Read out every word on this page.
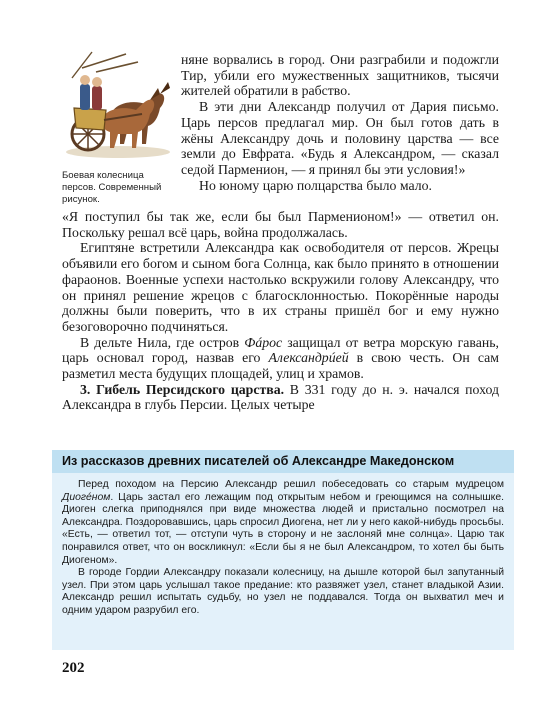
Боевая колесница персов. Современный рисунок.

няне ворвались в город. Они разграбили и подожгли Тир, убили его мужественных защитников, тысячи жителей обратили в рабство.

В эти дни Александр получил от Дария письмо. Царь персов предлагал мир. Он был готов дать в жёны Александру дочь и половину царства — все земли до Евфрата. «Будь я Александром, — сказал седой Парменион, — я принял бы эти условия!»

Но юному царю полцарства было мало.

«Я поступил бы так же, если бы был Парменионом!» — ответил он. Поскольку решал всё царь, война продолжалась.

Египтяне встретили Александра как освободителя от персов. Жрецы объявили его богом и сыном бога Солнца, как было принято в отношении фараонов. Военные успехи настолько вскружили голову Александру, что он принял решение жрецов с благосклонностью. Покорённые народы должны были поверить, что в их страны пришёл бог и ему нужно безоговорочно подчиняться.

В дельте Нила, где остров Фáрос защищал от ветра морскую гавань, царь основал город, назвав его Александрúей в свою честь. Он сам разметил места будущих площадей, улиц и храмов.

3. Гибель Персидского царства. В 331 году до н. э. начался поход Александра в глубь Персии. Целых четыре

Из рассказов древних писателей об Александре Македонском

Перед походом на Персию Александр решил побеседовать со старым мудрецом Диогéном. Царь застал его лежащим под открытым небом и греющимся на солнышке. Диоген слегка приподнялся при виде множества людей и пристально посмотрел на Александра. Поздоровавшись, царь спросил Диогена, нет ли у него какой-нибудь просьбы. «Есть, — ответил тот, — отступи чуть в сторону и не заслоняй мне солнца». Царю так понравился ответ, что он воскликнул: «Если бы я не был Александром, то хотел бы быть Диогеном».

В городе Гордии Александру показали колесницу, на дышле которой был запутанный узел. При этом царь услышал такое предание: кто развяжет узел, станет владыкой Азии. Александр решил испытать судьбу, но узел не поддавался. Тогда он выхватил меч и одним ударом разрубил его.

202
